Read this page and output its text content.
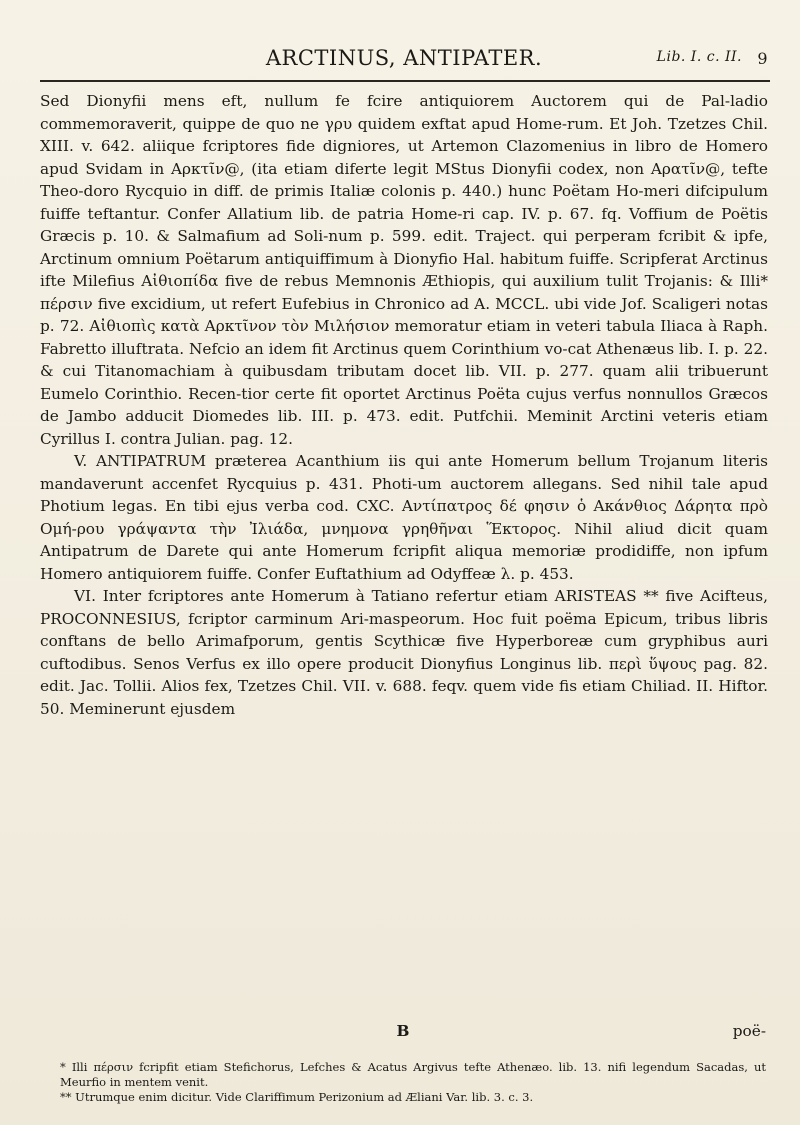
ARCTINUS, ANTIPATER.	Lib. I. c. II. 9

Sed Dionyfii mens eft, nullum fe fcire antiquiorem Auctorem qui de Pal-ladio commemoraverit, quippe de quo ne γρυ quidem exftat apud Home-rum. Et Joh. Tzetzes Chil. XIII. v. 642. aliique fcriptores fide digniores, ut Artemon Clazomenius in libro de Homero apud Svidam in Αρκτῖν@, (ita etiam diferte legit MStus Dionyfii codex, non Αρατῖν@, tefte Theo-doro Rycquio in diff. de primis Italiæ colonis p. 440.) hunc Poëtam Ho-meri difcipulum fuiffe teftantur. Confer Allatium lib. de patria Home-ri cap. IV. p. 67. fq. Voffium de Poëtis Græcis p. 10. & Salmafium ad Soli-num p. 599. edit. Traject. qui perperam fcribit & ipfe, Arctinum omnium Poëtarum antiquiffimum à Dionyfio Hal. habitum fuiffe. Scripferat Arctinus ifte Milefius Αἰθιοπίδα five de rebus Memnonis Æthiopis, qui auxilium tulit Trojanis: & Illi* πέρσιν five excidium, ut refert Eufebius in Chronico ad A. MCCL. ubi vide Jof. Scaligeri notas p. 72. Αἰθιοπὶς κατὰ Αρκτῖνον τὸν Μιλήσιον memoratur etiam in veteri tabula Iliaca à Raph. Fabretto illuftrata. Nefcio an idem fit Arctinus quem Corinthium vo-cat Athenæus lib. I. p. 22. & cui Titanomachiam à quibusdam tributam docet lib. VII. p. 277. quam alii tribuerunt Eumelo Corinthio. Recen-tior certe fit oportet Arctinus Poëta cujus verfus nonnullos Græcos de Jambo adducit Diomedes lib. III. p. 473. edit. Putfchii. Meminit Arctini veteris etiam Cyrillus I. contra Julian. pag. 12.

V. ANTIPATRUM præterea Acanthium iis qui ante Homerum bellum Trojanum literis mandaverunt accenfet Rycquius p. 431. Photi-um auctorem allegans. Sed nihil tale apud Photium legas. En tibi ejus verba cod. CXC. Αντίπατρος δέ φησιν ὁ Ακάνθιος Δάρητα πρὸ Ομή-ρου γράψαντα τὴν Ἰλιάδα, μνημονα γρηθῆναι Ἕκτορος. Nihil aliud dicit quam Antipatrum de Darete qui ante Homerum fcripfit aliqua memoriæ prodidiffe, non ipfum Homero antiquiorem fuiffe. Confer Euftathium ad Odyffeæ λ. p. 453.

VI. Inter fcriptores ante Homerum à Tatiano refertur etiam ARISTEAS ** five Acifteus, PROCONNESIUS, fcriptor carminum Ari-maspeorum. Hoc fuit poëma Epicum, tribus libris conftans de bello Arimafporum, gentis Scythicæ five Hyperboreæ cum gryphibus auri cuftodibus. Senos Verfus ex illo opere producit Dionyfius Longinus lib. περὶ ὕψους pag. 82. edit. Jac. Tollii. Alios fex, Tzetzes Chil. VII. v. 688. feqv. quem vide fis etiam Chiliad. II. Hiftor. 50. Meminerunt ejusdem

B	poë-

* Illi πέρσιν fcripfit etiam Stefichorus, Lefches & Acatus Argivus tefte Athenæo. lib. 13. nifi legendum Sacadas, ut Meurfio in mentem venit.

** Utrumque enim dicitur. Vide Clariffimum Perizonium ad Æliani Var. lib. 3. c. 3.
